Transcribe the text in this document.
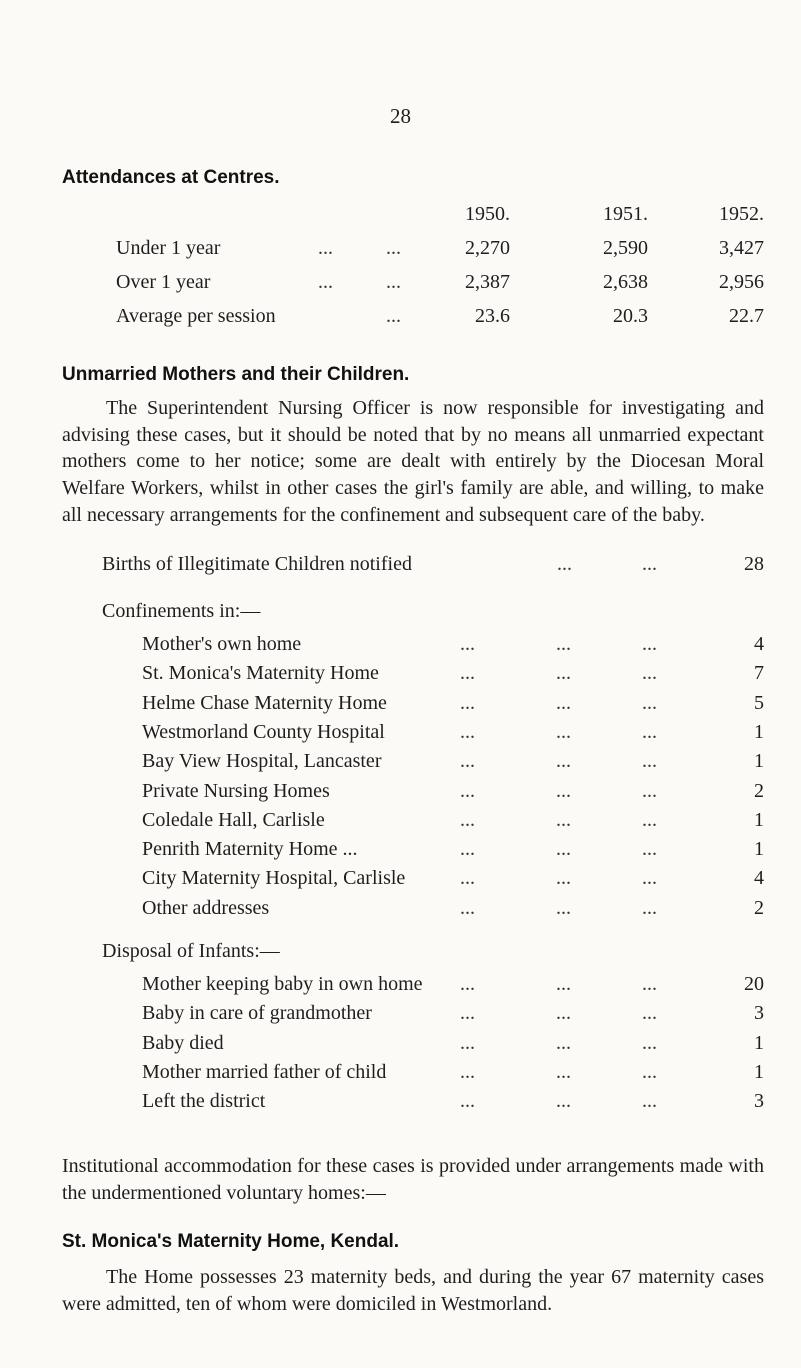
28
Attendances at Centres.
1950.	1951.	1952.
Under 1 year	...	...	2,270	2,590	3,427
Over 1 year	...	...	2,387	2,638	2,956
Average per session	...	23.6	20.3	22.7
Unmarried Mothers and their Children.
The Superintendent Nursing Officer is now responsible for investigating and advising these cases, but it should be noted that by no means all unmarried expectant mothers come to her notice; some are dealt with entirely by the Diocesan Moral Welfare Workers, whilst in other cases the girl's family are able, and willing, to make all necessary arrangements for the confinement and subsequent care of the baby.
Births of Illegitimate Children notified	...	...	28
Confinements in:—
Mother's own home	...	...	...	4
St. Monica's Maternity Home	...	...	...	7
Helme Chase Maternity Home	...	...	...	5
Westmorland County Hospital	...	...	...	1
Bay View Hospital, Lancaster	...	...	...	1
Private Nursing Homes	...	...	...	2
Coledale Hall, Carlisle	...	...	...	1
Penrith Maternity Home ...	...	...	...	1
City Maternity Hospital, Carlisle	...	...	...	4
Other addresses	...	...	...	2
Disposal of Infants:—
Mother keeping baby in own home ...	...	...	20
Baby in care of grandmother	...	...	...	3
Baby died	...	...	...	1
Mother married father of child	...	...	...	1
Left the district	...	...	...	3
Institutional accommodation for these cases is provided under arrangements made with the undermentioned voluntary homes:—
St. Monica's Maternity Home, Kendal.
The Home possesses 23 maternity beds, and during the year 67 maternity cases were admitted, ten of whom were domiciled in Westmorland.
